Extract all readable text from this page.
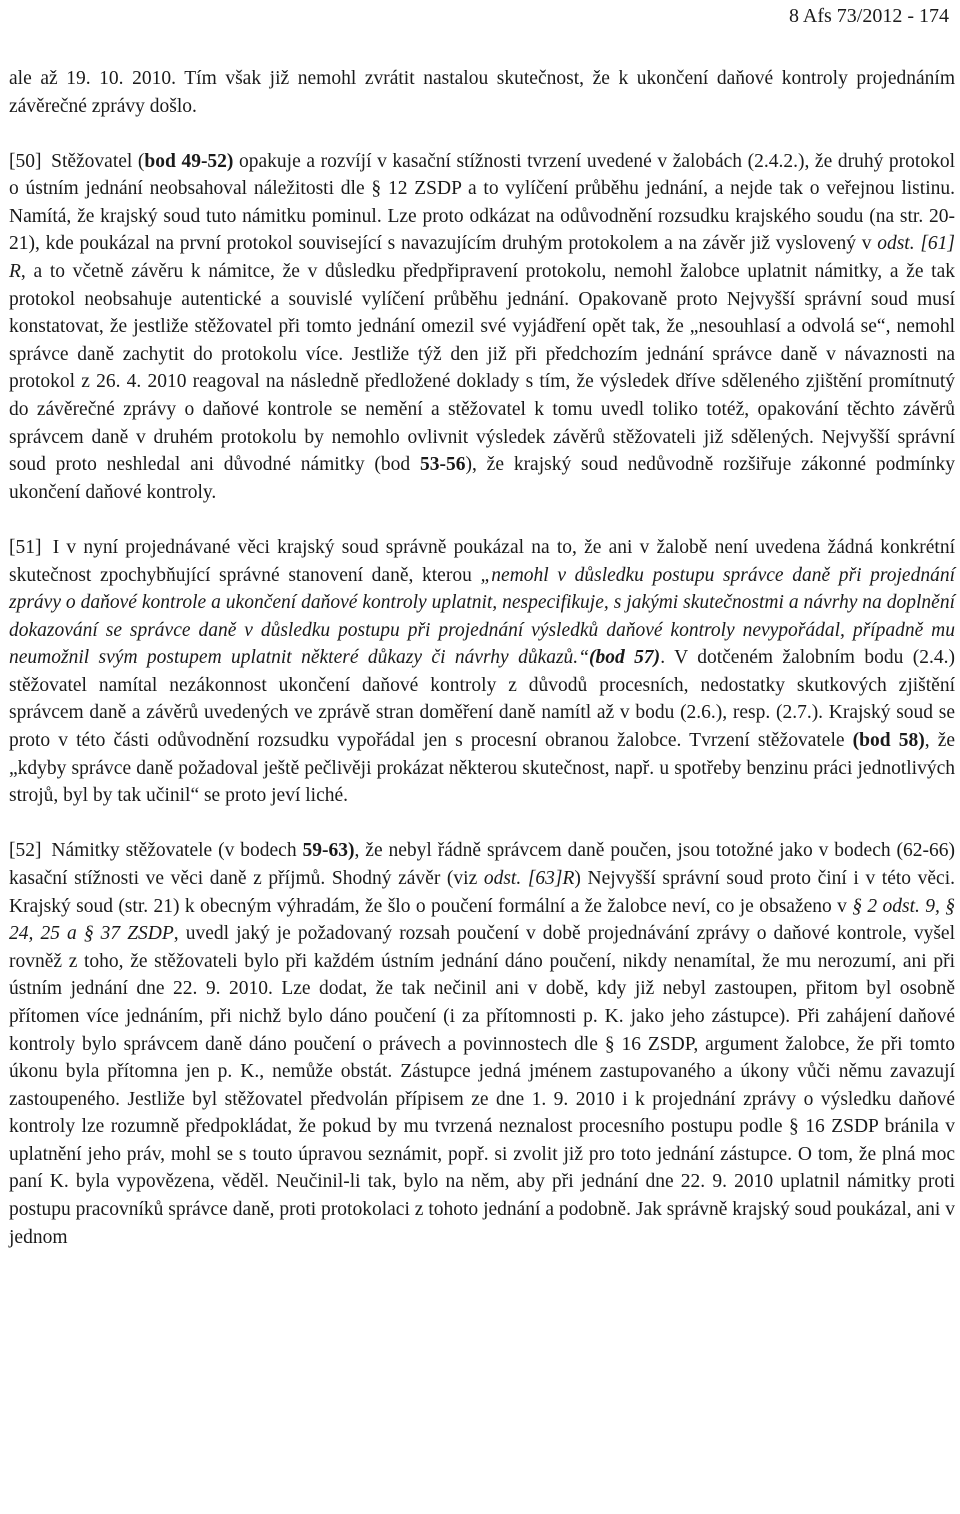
8 Afs 73/2012 - 174

ale až 19. 10. 2010. Tím však již nemohl zvrátit nastalou skutečnost, že k ukončení daňové kontroly projednáním závěrečné zprávy došlo.

[50] Stěžovatel (bod 49-52) opakuje a rozvíjí v kasační stížnosti tvrzení uvedené v žalobách (2.4.2.), že druhý protokol o ústním jednání neobsahoval náležitosti dle § 12 ZSDP a to vylíčení průběhu jednání, a nejde tak o veřejnou listinu. Namítá, že krajský soud tuto námitku pominul. Lze proto odkázat na odůvodnění rozsudku krajského soudu (na str. 20-21), kde poukázal na první protokol související s navazujícím druhým protokolem a na závěr již vyslovený v odst. [61] R, a to včetně závěru k námitce, že v důsledku předpřipravení protokolu, nemohl žalobce uplatnit námitky, a že tak protokol neobsahuje autentické a souvislé vylíčení průběhu jednání. Opakovaně proto Nejvyšší správní soud musí konstatovat, že jestliže stěžovatel při tomto jednání omezil své vyjádření opět tak, že „nesouhlasí a odvolá se“, nemohl správce daně zachytit do protokolu více. Jestliže týž den již při předchozím jednání správce daně v návaznosti na protokol z 26. 4. 2010 reagoval na následně předložené doklady s tím, že výsledek dříve sděleného zjištění promítnutý do závěrečné zprávy o daňové kontrole se nemění a stěžovatel k tomu uvedl toliko totéž, opakování těchto závěrů správcem daně v druhém protokolu by nemohlo ovlivnit výsledek závěrů stěžovateli již sdělených. Nejvyšší správní soud proto neshledal ani důvodné námitky (bod 53-56), že krajský soud nedůvodně rozšiřuje zákonné podmínky ukončení daňové kontroly.

[51] I v nyní projednávané věci krajský soud správně poukázal na to, že ani v žalobě není uvedena žádná konkrétní skutečnost zpochybňující správné stanovení daně, kterou „nemohl v důsledku postupu správce daně při projednání zprávy o daňové kontrole a ukončení daňové kontroly uplatnit, nespecifikuje, s jakými skutečnostmi a návrhy na doplnění dokazování se správce daně v důsledku postupu při projednání výsledků daňové kontroly nevypořádal, případně mu neumožnil svým postupem uplatnit některé důkazy či návrhy důkazů.“(bod 57). V dotčeném žalobním bodu (2.4.) stěžovatel namítal nezákonnost ukončení daňové kontroly z důvodů procesních, nedostatky skutkových zjištění správcem daně a závěrů uvedených ve zprávě stran doměření daně namítl až v bodu (2.6.), resp. (2.7.). Krajský soud se proto v této části odůvodnění rozsudku vypořádal jen s procesní obranou žalobce. Tvrzení stěžovatele (bod 58), že „kdyby správce daně požadoval ještě pečlivěji prokázat některou skutečnost, např. u spotřeby benzinu práci jednotlivých strojů, byl by tak učinil“ se proto jeví liché.

[52] Námitky stěžovatele (v bodech 59-63), že nebyl řádně správcem daně poučen, jsou totožné jako v bodech (62-66) kasační stížnosti ve věci daně z příjmů. Shodný závěr (viz odst. [63]R) Nejvyšší správní soud proto činí i v této věci. Krajský soud (str. 21) k obecným výhradám, že šlo o poučení formální a že žalobce neví, co je obsaženo v § 2 odst. 9, § 24, 25 a § 37 ZSDP, uvedl jaký je požadovaný rozsah poučení v době projednávání zprávy o daňové kontrole, vyšel rovněž z toho, že stěžovateli bylo při každém ústním jednání dáno poučení, nikdy nenamítal, že mu nerozumí, ani při ústním jednání dne 22. 9. 2010. Lze dodat, že tak nečinil ani v době, kdy již nebyl zastoupen, přitom byl osobně přítomen více jednáním, při nichž bylo dáno poučení (i za přítomnosti p. K. jako jeho zástupce). Při zahájení daňové kontroly bylo správcem daně dáno poučení o právech a povinnostech dle § 16 ZSDP, argument žalobce, že při tomto úkonu byla přítomna jen p. K., nemůže obstát. Zástupce jedná jménem zastupovaného a úkony vůči němu zavazují zastoupeného. Jestliže byl stěžovatel předvolán přípisem ze dne 1. 9. 2010 i k projednání zprávy o výsledku daňové kontroly lze rozumně předpokládat, že pokud by mu tvrzená neznalost procesního postupu podle § 16 ZSDP bránila v uplatnění jeho práv, mohl se s touto úpravou seznámit, popř. si zvolit již pro toto jednání zástupce. O tom, že plná moc paní K. byla vypovězena, věděl. Neučinil-li tak, bylo na něm, aby při jednání dne 22. 9. 2010 uplatnil námitky proti postupu pracovníků správce daně, proti protokolaci z tohoto jednání a podobně. Jak správně krajský soud poukázal, ani v jednom
